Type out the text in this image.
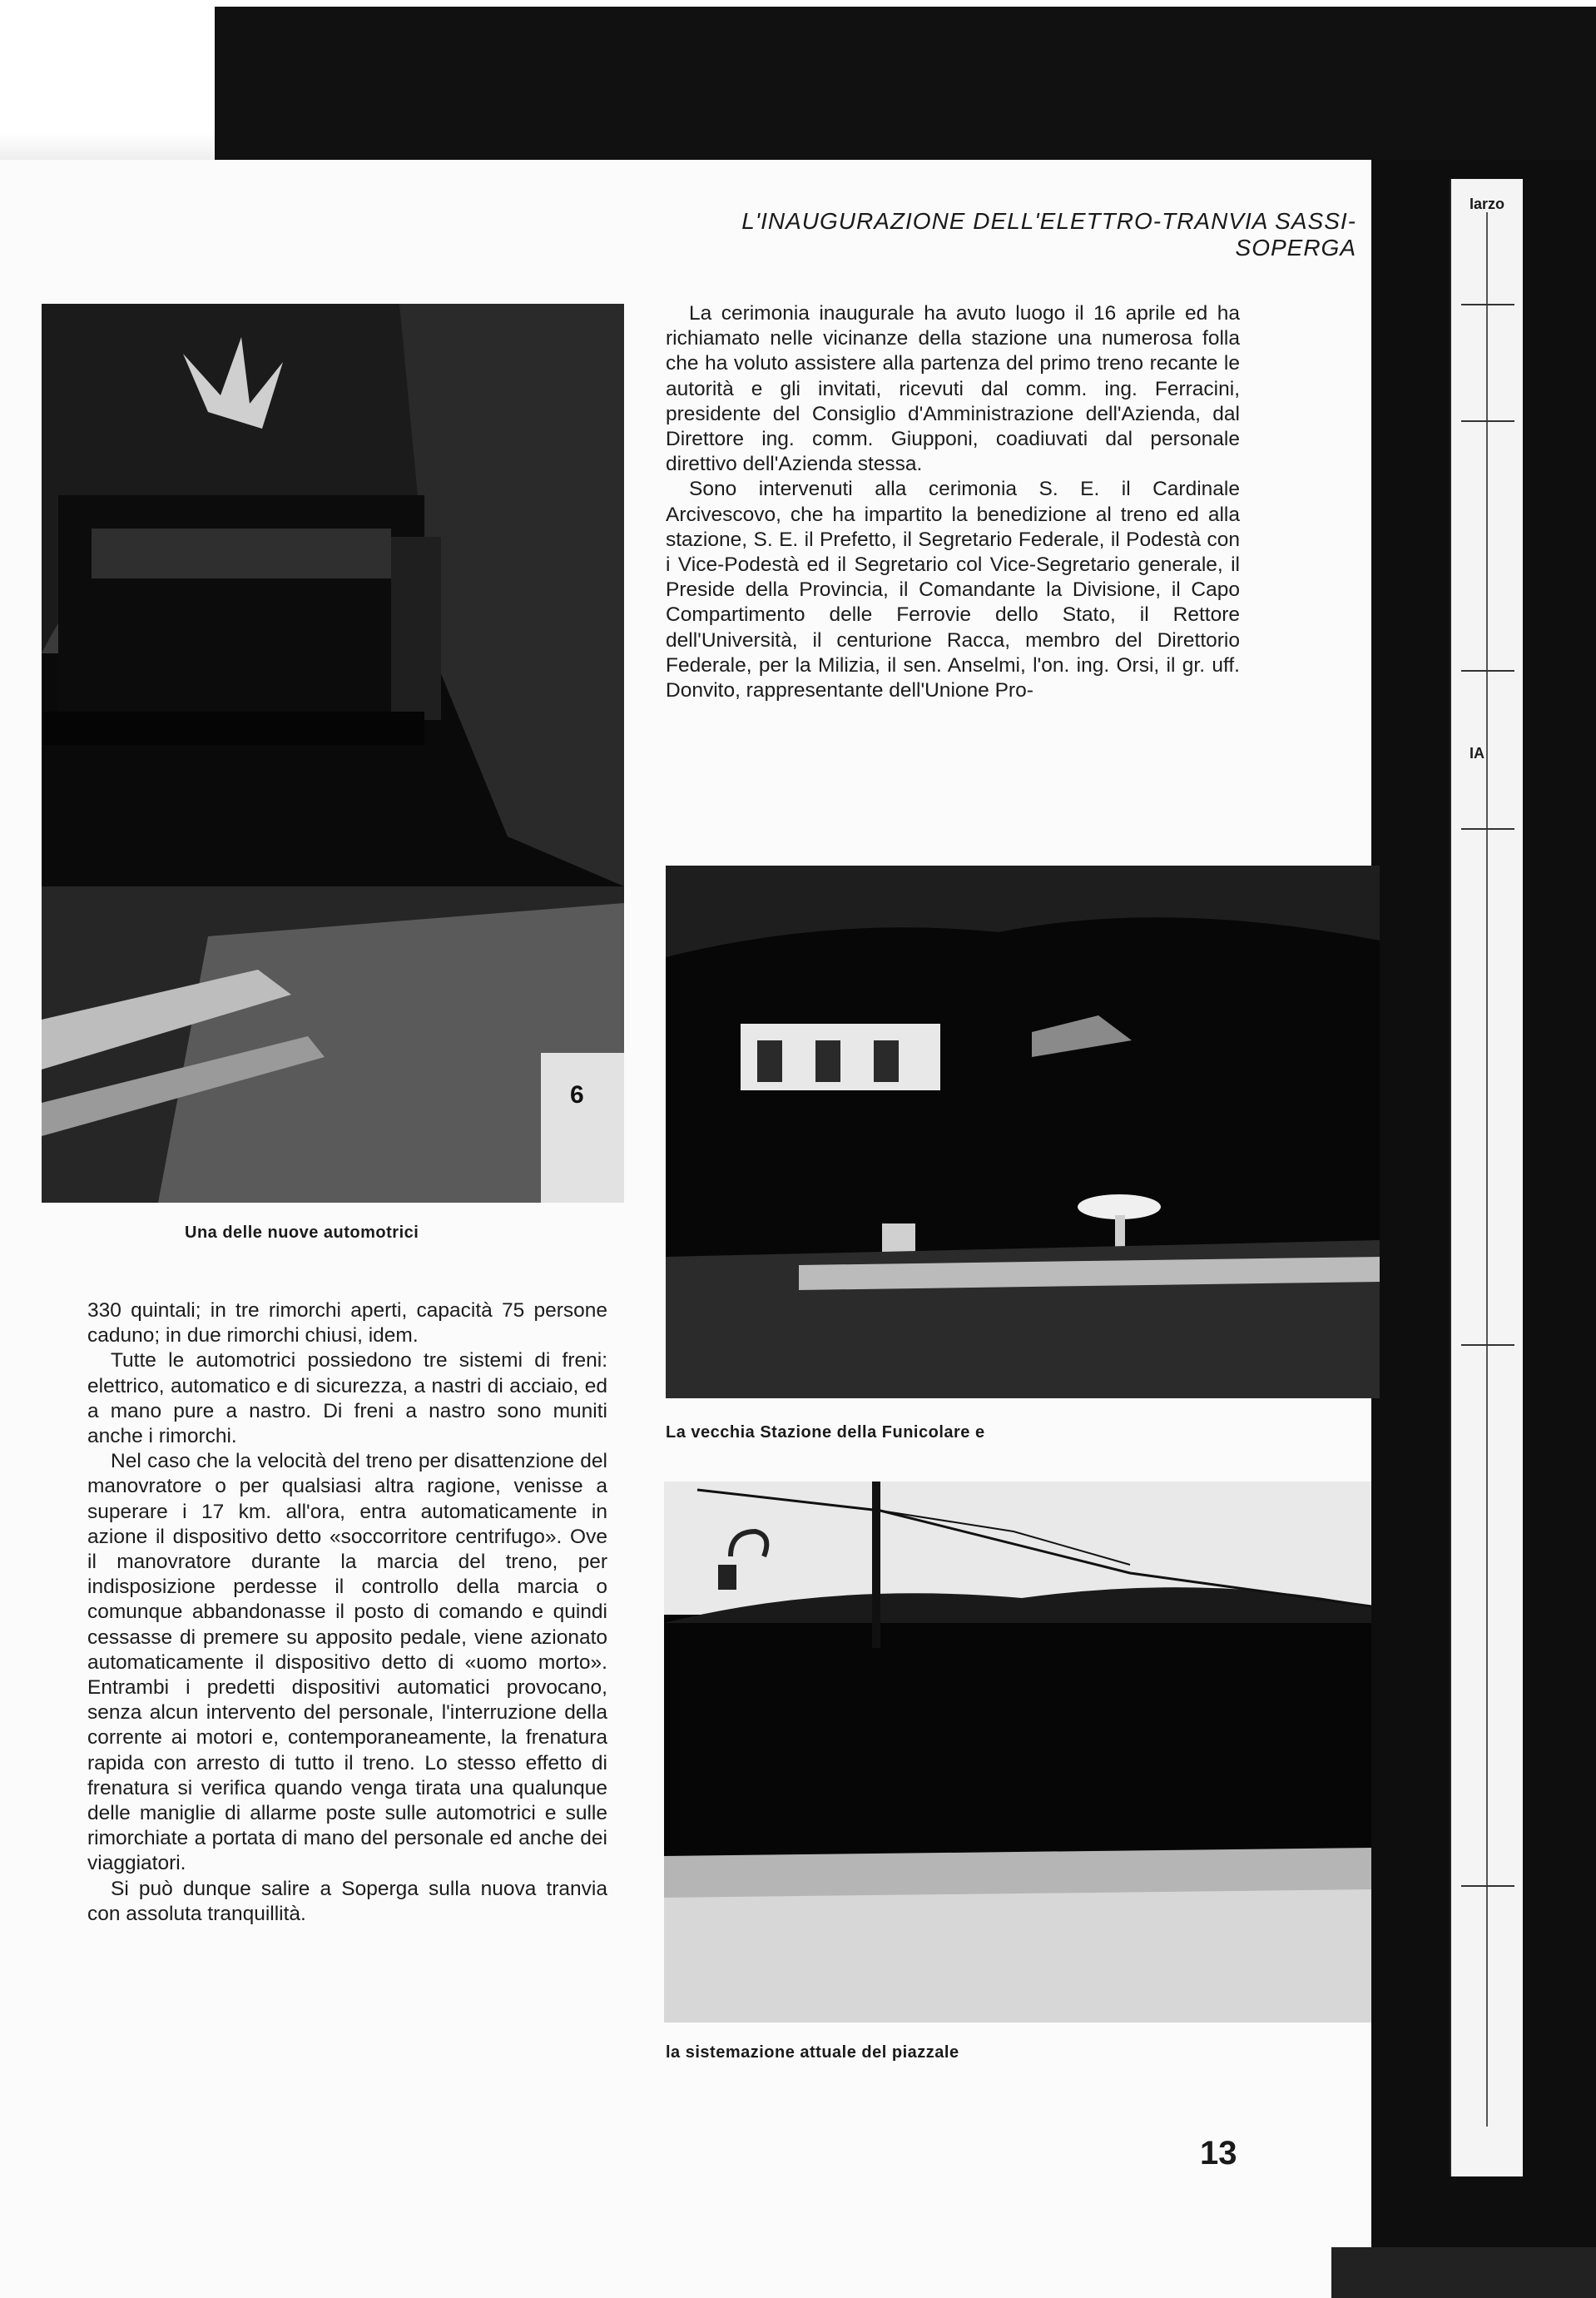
Iarzo
IA
L'INAUGURAZIONE DELL'ELETTRO-TRANVIA SASSI-SOPERGA

La cerimonia inaugurale ha avuto luogo il 16 aprile ed ha richiamato nelle vicinanze della stazione una numerosa folla che ha voluto assistere alla partenza del primo treno recante le autorità e gli invitati, ricevuti dal comm. ing. Ferracini, presidente del Consiglio d'Amministrazione dell'Azienda, dal Direttore ing. comm. Giupponi, coadiuvati dal personale direttivo dell'Azienda stessa.

Sono intervenuti alla cerimonia S. E. il Cardinale Arcivescovo, che ha impartito la benedizione al treno ed alla stazione, S. E. il Prefetto, il Segretario Federale, il Podestà con i Vice-Podestà ed il Segretario col Vice-Segretario generale, il Preside della Provincia, il Comandante la Divisione, il Capo Compartimento delle Ferrovie dello Stato, il Rettore dell'Università, il centurione Racca, membro del Direttorio Federale, per la Milizia, il sen. Anselmi, l'on. ing. Orsi, il gr. uff. Donvito, rappresentante dell'Unione Pro-

6
Una delle nuove automotrici
La vecchia Stazione della Funicolare e
la sistemazione attuale del piazzale

330 quintali; in tre rimorchi aperti, capacità 75 persone caduno; in due rimorchi chiusi, idem.

Tutte le automotrici possiedono tre sistemi di freni: elettrico, automatico e di sicurezza, a nastri di acciaio, ed a mano pure a nastro. Di freni a nastro sono muniti anche i rimorchi.

Nel caso che la velocità del treno per disattenzione del manovratore o per qualsiasi altra ragione, venisse a superare i 17 km. all'ora, entra automaticamente in azione il dispositivo detto «soccorritore centrifugo». Ove il manovratore durante la marcia del treno, per indisposizione perdesse il controllo della marcia o comunque abbandonasse il posto di comando e quindi cessasse di premere su apposito pedale, viene azionato automaticamente il dispositivo detto di «uomo morto». Entrambi i predetti dispositivi automatici provocano, senza alcun intervento del personale, l'interruzione della corrente ai motori e, contemporaneamente, la frenatura rapida con arresto di tutto il treno. Lo stesso effetto di frenatura si verifica quando venga tirata una qualunque delle maniglie di allarme poste sulle automotrici e sulle rimorchiate a portata di mano del personale ed anche dei viaggiatori.

Si può dunque salire a Soperga sulla nuova tranvia con assoluta tranquillità.

13
